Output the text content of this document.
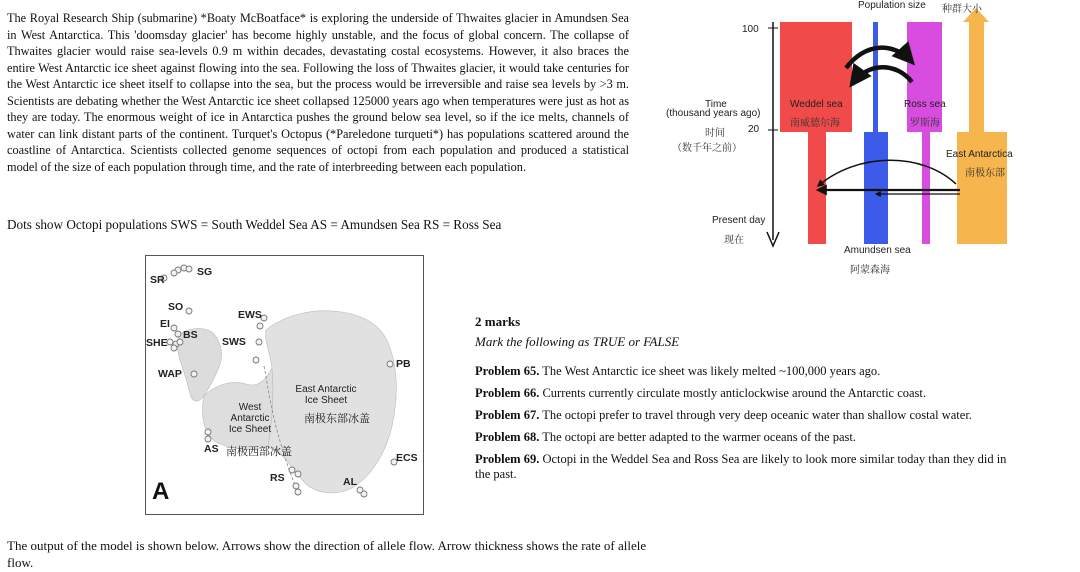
The Royal Research Ship (submarine) *Boaty McBoatface* is exploring the underside of Thwaites glacier in Amundsen Sea in West Antarctica. This 'doomsday glacier' has become highly unstable, and the focus of global concern. The collapse of Thwaites glacier would raise sea-levels 0.9 m within decades, devastating costal ecosystems. However, it also braces the entire West Antarctic ice sheet against flowing into the sea. Following the loss of Thwaites glacier, it would take centuries for the West Antarctic ice sheet itself to collapse into the sea, but the process would be irreversible and raise sea levels by >3 m. Scientists are debating whether the West Antarctic ice sheet collapsed 125000 years ago when temperatures were just as hot as they are today. The enormous weight of ice in Antarctica pushes the ground below sea level, so if the ice melts, channels of water can link distant parts of the continent. Turquet's Octopus (*Pareledone turqueti*) has populations scattered around the coastline of Antarctica. Scientists collected genome sequences of octopi from each population and produced a statistical model of the size of each population through time, and the rate of interbreeding between each population.
Dots show Octopi populations SWS = South Weddel Sea AS = Amundsen Sea RS = Ross Sea
SR
SG
SO
EWS
EI
BS
SHE	SWS
PB
WAP
AS
ECS
RS	AL
East Antarctic
Ice Sheet
南极东部冰盖
West
Antarctic
Ice Sheet
南极西部冰盖
A
2 marks
Mark the following as TRUE or FALSE
Problem 65. The West Antarctic ice sheet was likely melted ~100,000 years ago.
Problem 66. Currents currently circulate mostly anticlockwise around the Antarctic coast.
Problem 67. The octopi prefer to travel through very deep oceanic water than shallow costal water.
Problem 68. The octopi are better adapted to the warmer oceans of the past.
Problem 69. Octopi in the Weddel Sea and Ross Sea are likely to look more similar today than they did in
the past.
The output of the model is shown below. Arrows show the direction of allele flow. Arrow thickness shows the rate of allele flow.
Population size 种群大小
100
Time
(thousand years ago)
时间 20
（数千年之前）
Present day
现在
Weddel sea
南威德尔海
Ross sea
罗斯海
East Antarctica
南极东部
Amundsen sea
阿蒙森海
